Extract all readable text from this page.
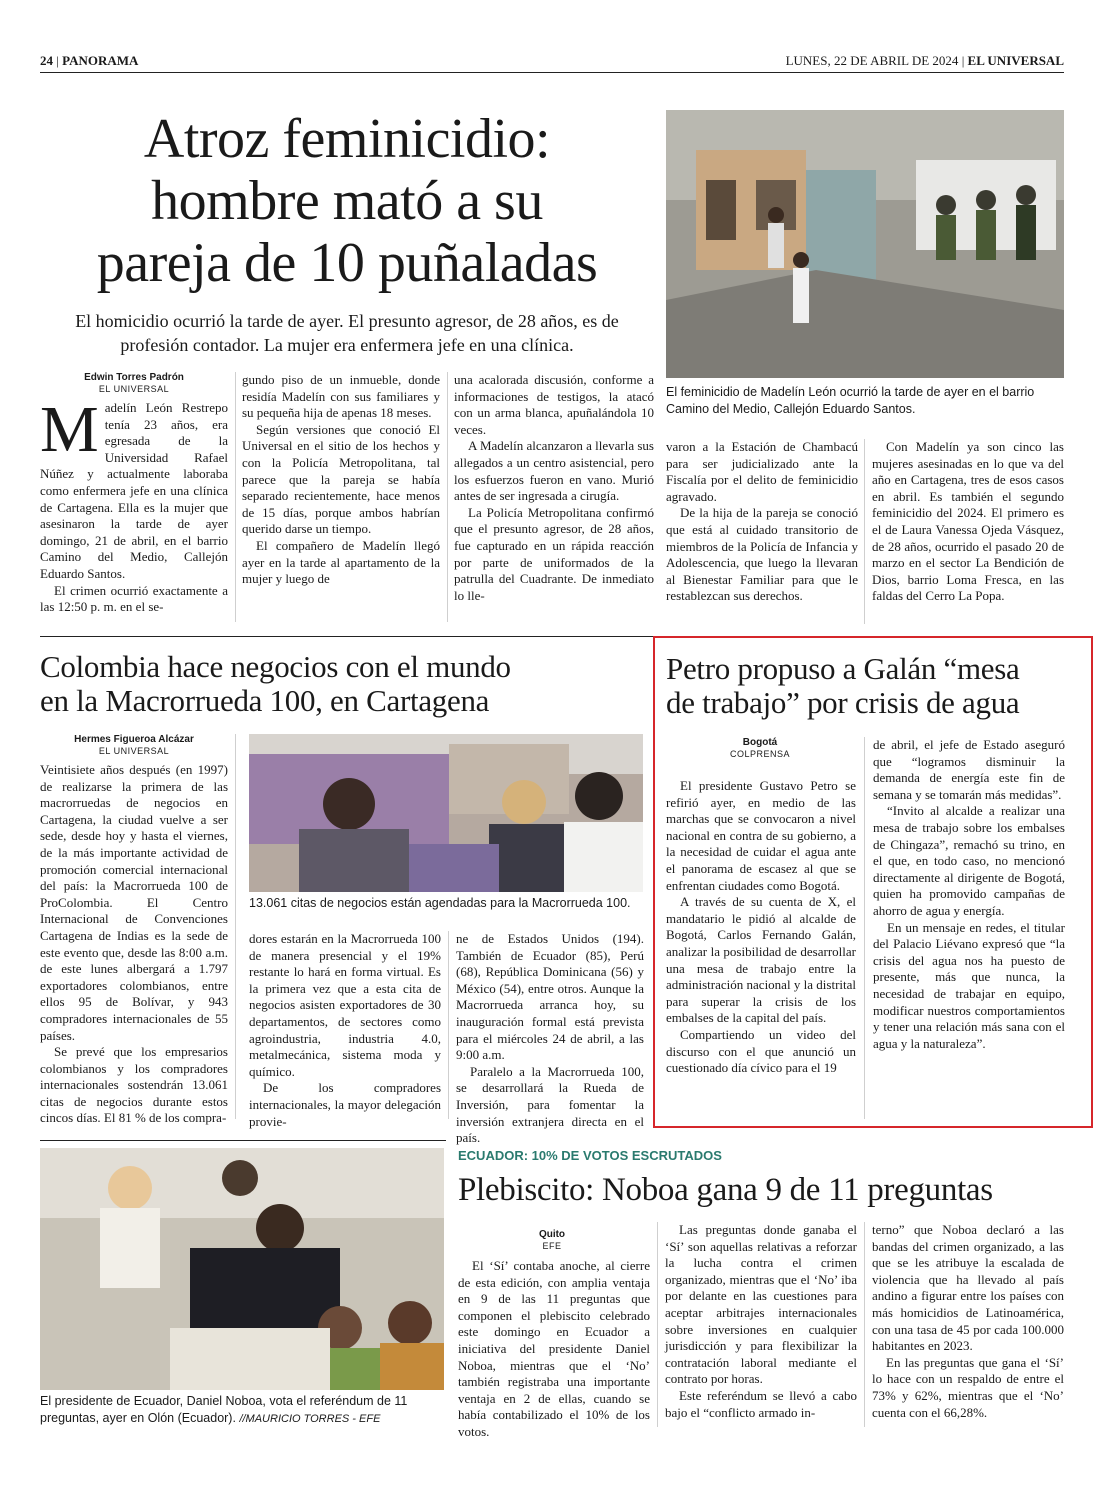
24 | PANORAMA	LUNES, 22 DE ABRIL DE 2024 | EL UNIVERSAL
Atroz feminicidio:
hombre mató a su
pareja de 10 puñaladas
El homicidio ocurrió la tarde de ayer. El presunto agresor, de 28 años, es de profesión contador. La mujer era enfermera jefe en una clínica.
El feminicidio de Madelín León ocurrió la tarde de ayer en el barrio Camino del Medio, Callejón Eduardo Santos.
Edwin Torres Padrón
EL UNIVERSAL

Madelín León Restrepo tenía 23 años, era egresada de la Universidad Rafael Núñez y actualmente laboraba como enfermera jefe en una clínica de Cartagena. Ella es la mujer que asesinaron la tarde de ayer domingo, 21 de abril, en el barrio Camino del Medio, Callejón Eduardo Santos.

El crimen ocurrió exactamente a las 12:50 p. m. en el se-

gundo piso de un inmueble, donde residía Madelín con sus familiares y su pequeña hija de apenas 18 meses.

Según versiones que conoció El Universal en el sitio de los hechos y con la Policía Metropolitana, tal parece que la pareja se había separado recientemente, hace menos de 15 días, porque ambos habrían querido darse un tiempo.

El compañero de Madelín llegó ayer en la tarde al apartamento de la mujer y luego de

una acalorada discusión, conforme a informaciones de testigos, la atacó con un arma blanca, apuñalándola 10 veces.

A Madelín alcanzaron a llevarla sus allegados a un centro asistencial, pero los esfuerzos fueron en vano. Murió antes de ser ingresada a cirugía.

La Policía Metropolitana confirmó que el presunto agresor, de 28 años, fue capturado en un rápida reacción por parte de uniformados de la patrulla del Cuadrante. De inmediato lo lle-

varon a la Estación de Chambacú para ser judicializado ante la Fiscalía por el delito de feminicidio agravado.

De la hija de la pareja se conoció que está al cuidado transitorio de miembros de la Policía de Infancia y Adolescencia, que luego la llevaran al Bienestar Familiar para que le restablezcan sus derechos.

Con Madelín ya son cinco las mujeres asesinadas en lo que va del año en Cartagena, tres de esos casos en abril. Es también el segundo feminicidio del 2024. El primero es el de Laura Vanessa Ojeda Vásquez, de 28 años, ocurrido el pasado 20 de marzo en el sector La Bendición de Dios, barrio Loma Fresca, en las faldas del Cerro La Popa.

Colombia hace negocios con el mundo
en la Macrorrueda 100, en Cartagena
Hermes Figueroa Alcázar
EL UNIVERSAL

Veintisiete años después (en 1997) de realizarse la primera de las macrorruedas de negocios en Cartagena, la ciudad vuelve a ser sede, desde hoy y hasta el viernes, de la más importante actividad de promoción comercial internacional del país: la Macrorrueda 100 de ProColombia. El Centro Internacional de Convenciones Cartagena de Indias es la sede de este evento que, desde las 8:00 a.m. de este lunes albergará a 1.797 exportadores colombianos, entre ellos 95 de Bolívar, y 943 compradores internacionales de 55 países.

Se prevé que los empresarios colombianos y los compradores internacionales sostendrán 13.061 citas de negocios durante estos cincos días. El 81 % de los compra-

13.061 citas de negocios están agendadas para la Macrorrueda 100.

dores estarán en la Macrorrueda 100 de manera presencial y el 19% restante lo hará en forma virtual. Es la primera vez que a esta cita de negocios asisten exportadores de 30 departamentos, de sectores como agroindustria, industria 4.0, metalmecánica, sistema moda y químico.

De los compradores internacionales, la mayor delegación provie-

ne de Estados Unidos (194). También de Ecuador (85), Perú (68), República Dominicana (56) y México (54), entre otros. Aunque la Macrorrueda arranca hoy, su inauguración formal está prevista para el miércoles 24 de abril, a las 9:00 a.m.

Paralelo a la Macrorrueda 100, se desarrollará la Rueda de Inversión, para fomentar la inversión extranjera directa en el país.

Petro propuso a Galán “mesa
de trabajo” por crisis de agua
Bogotá
COLPRENSA

El presidente Gustavo Petro se refirió ayer, en medio de las marchas que se convocaron a nivel nacional en contra de su gobierno, a la necesidad de cuidar el agua ante el panorama de escasez al que se enfrentan ciudades como Bogotá.

A través de su cuenta de X, el mandatario le pidió al alcalde de Bogotá, Carlos Fernando Galán, analizar la posibilidad de desarrollar una mesa de trabajo entre la administración nacional y la distrital para superar la crisis de los embalses de la capital del país.

Compartiendo un video del discurso con el que anunció un cuestionado día cívico para el 19

de abril, el jefe de Estado aseguró que “logramos disminuir la demanda de energía este fin de semana y se tomarán más medidas”.

“Invito al alcalde a realizar una mesa de trabajo sobre los embalses de Chingaza”, remachó su trino, en el que, en todo caso, no mencionó directamente al dirigente de Bogotá, quien ha promovido campañas de ahorro de agua y energía.

En un mensaje en redes, el titular del Palacio Liévano expresó que “la crisis del agua nos ha puesto de presente, más que nunca, la necesidad de trabajar en equipo, modificar nuestros comportamientos y tener una relación más sana con el agua y la naturaleza”.

El presidente de Ecuador, Daniel Noboa, vota el referéndum de 11 preguntas, ayer en Olón (Ecuador). //MAURICIO TORRES - EFE
ECUADOR: 10% DE VOTOS ESCRUTADOS
Plebiscito: Noboa gana 9 de 11 preguntas
Quito
EFE

El ‘Sí’ contaba anoche, al cierre de esta edición, con amplia ventaja en 9 de las 11 preguntas que componen el plebiscito celebrado este domingo en Ecuador a iniciativa del presidente Daniel Noboa, mientras que el ‘No’ también registraba una importante ventaja en 2 de ellas, cuando se había contabilizado el 10% de los votos.

Las preguntas donde ganaba el ‘Sí’ son aquellas relativas a reforzar la lucha contra el crimen organizado, mientras que el ‘No’ iba por delante en las cuestiones para aceptar arbitrajes internacionales sobre inversiones en cualquier jurisdicción y para flexibilizar la contratación laboral mediante el contrato por horas.

Este referéndum se llevó a cabo bajo el “conflicto armado in-

terno” que Noboa declaró a las bandas del crimen organizado, a las que se les atribuye la escalada de violencia que ha llevado al país andino a figurar entre los países con más homicidios de Latinoamérica, con una tasa de 45 por cada 100.000 habitantes en 2023.

En las preguntas que gana el ‘Sí’ lo hace con un respaldo de entre el 73% y 62%, mientras que el ‘No’ cuenta con el 66,28%.
